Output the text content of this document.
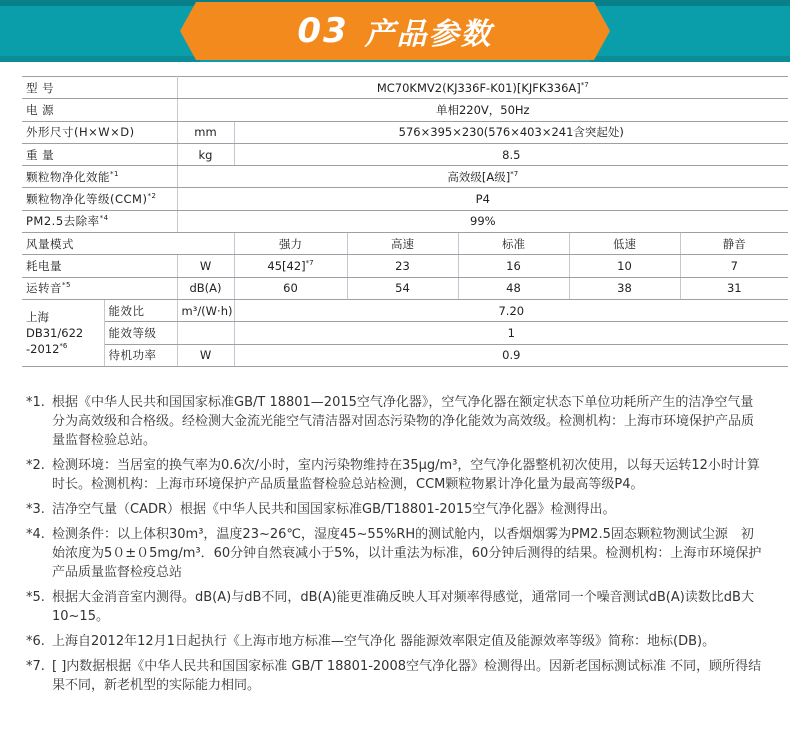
03 产品参数
型 号		MC70KMV2(KJ336F-K01)[KJFK336A]$^{*7}$
电 源		单相220V，50Hz					
外形尺寸(H×W×D)		mm	576×395×230(576×403×241含突起处)				
重 量		kg	8.5				
颗粒物净化效能$^{*1}$		高效级[A级]$^{*7}$
颗粒物净化等级(CCM)$^{*2}$		P4					
PM2.5去除率$^{*4}$		99%					
风量模式			强力	高速	标准	低速	静音
耗电量		W	$45[42]^{*7}$	23	16	10	7
运转音$^{*5}$		dB(A)	60	54	48	38	31
上海 DB31/622 -2012$^{*6}$	能效比	m³/(W·h)	7.20				
	能效等级		1				
	待机功率	W	0.9				
*1. 根据《中华人民共和国国家标准GB/T 18801—2015空气净化器》，空气净化器在额定状态下单位功耗所产生的洁净空气量分为高效级和合格级。经检测大金流光能空气清洁器对固态污染物的净化能效为高效级。检测机构：上海市环境保护产品质量监督检验总站。
*2. 检测环境：当居室的换气率为0.6次/小时，室内污染物维持在35μg/m³，空气净化器整机初次使用，以每天运转12小时计算时长。检测机构：上海市环境保护产品质量监督检验总站检测，CCM颗粒物累计净化量为最高等级P4。
*3. 洁净空气量（CADR）根据《中华人民共和国国家标准GB/T18801-2015空气净化器》检测得出。
*4. 检测条件：以上体积30m³，温度23~26℃，湿度45~55%RH的测试舱内，以香烟烟雾为PM2.5固态颗粒物测试尘源　初始浓度为5０±０5mg/m³．60分钟自然衰减小于5%，以计重法为标准，60分钟后测得的结果。检测机构：上海市环境保护产品质量监督检疫总站
*5. 根据大金消音室内测得。dB(A)与dB不同，dB(A)能更准确反映人耳对频率得感觉，通常同一个噪音测试dB(A)读数比dB大10~15。
*6. 上海自2012年12月1日起执行《上海市地方标准—空气净化 器能源效率限定值及能源效率等级》简称：地标(DB)。
*7. [ ]内数据根据《中华人民共和国国家标准 GB/T 18801-2008空气净化器》检测得出。因新老国标测试标准 不同，顾所得结果不同，新老机型的实际能力相同。
